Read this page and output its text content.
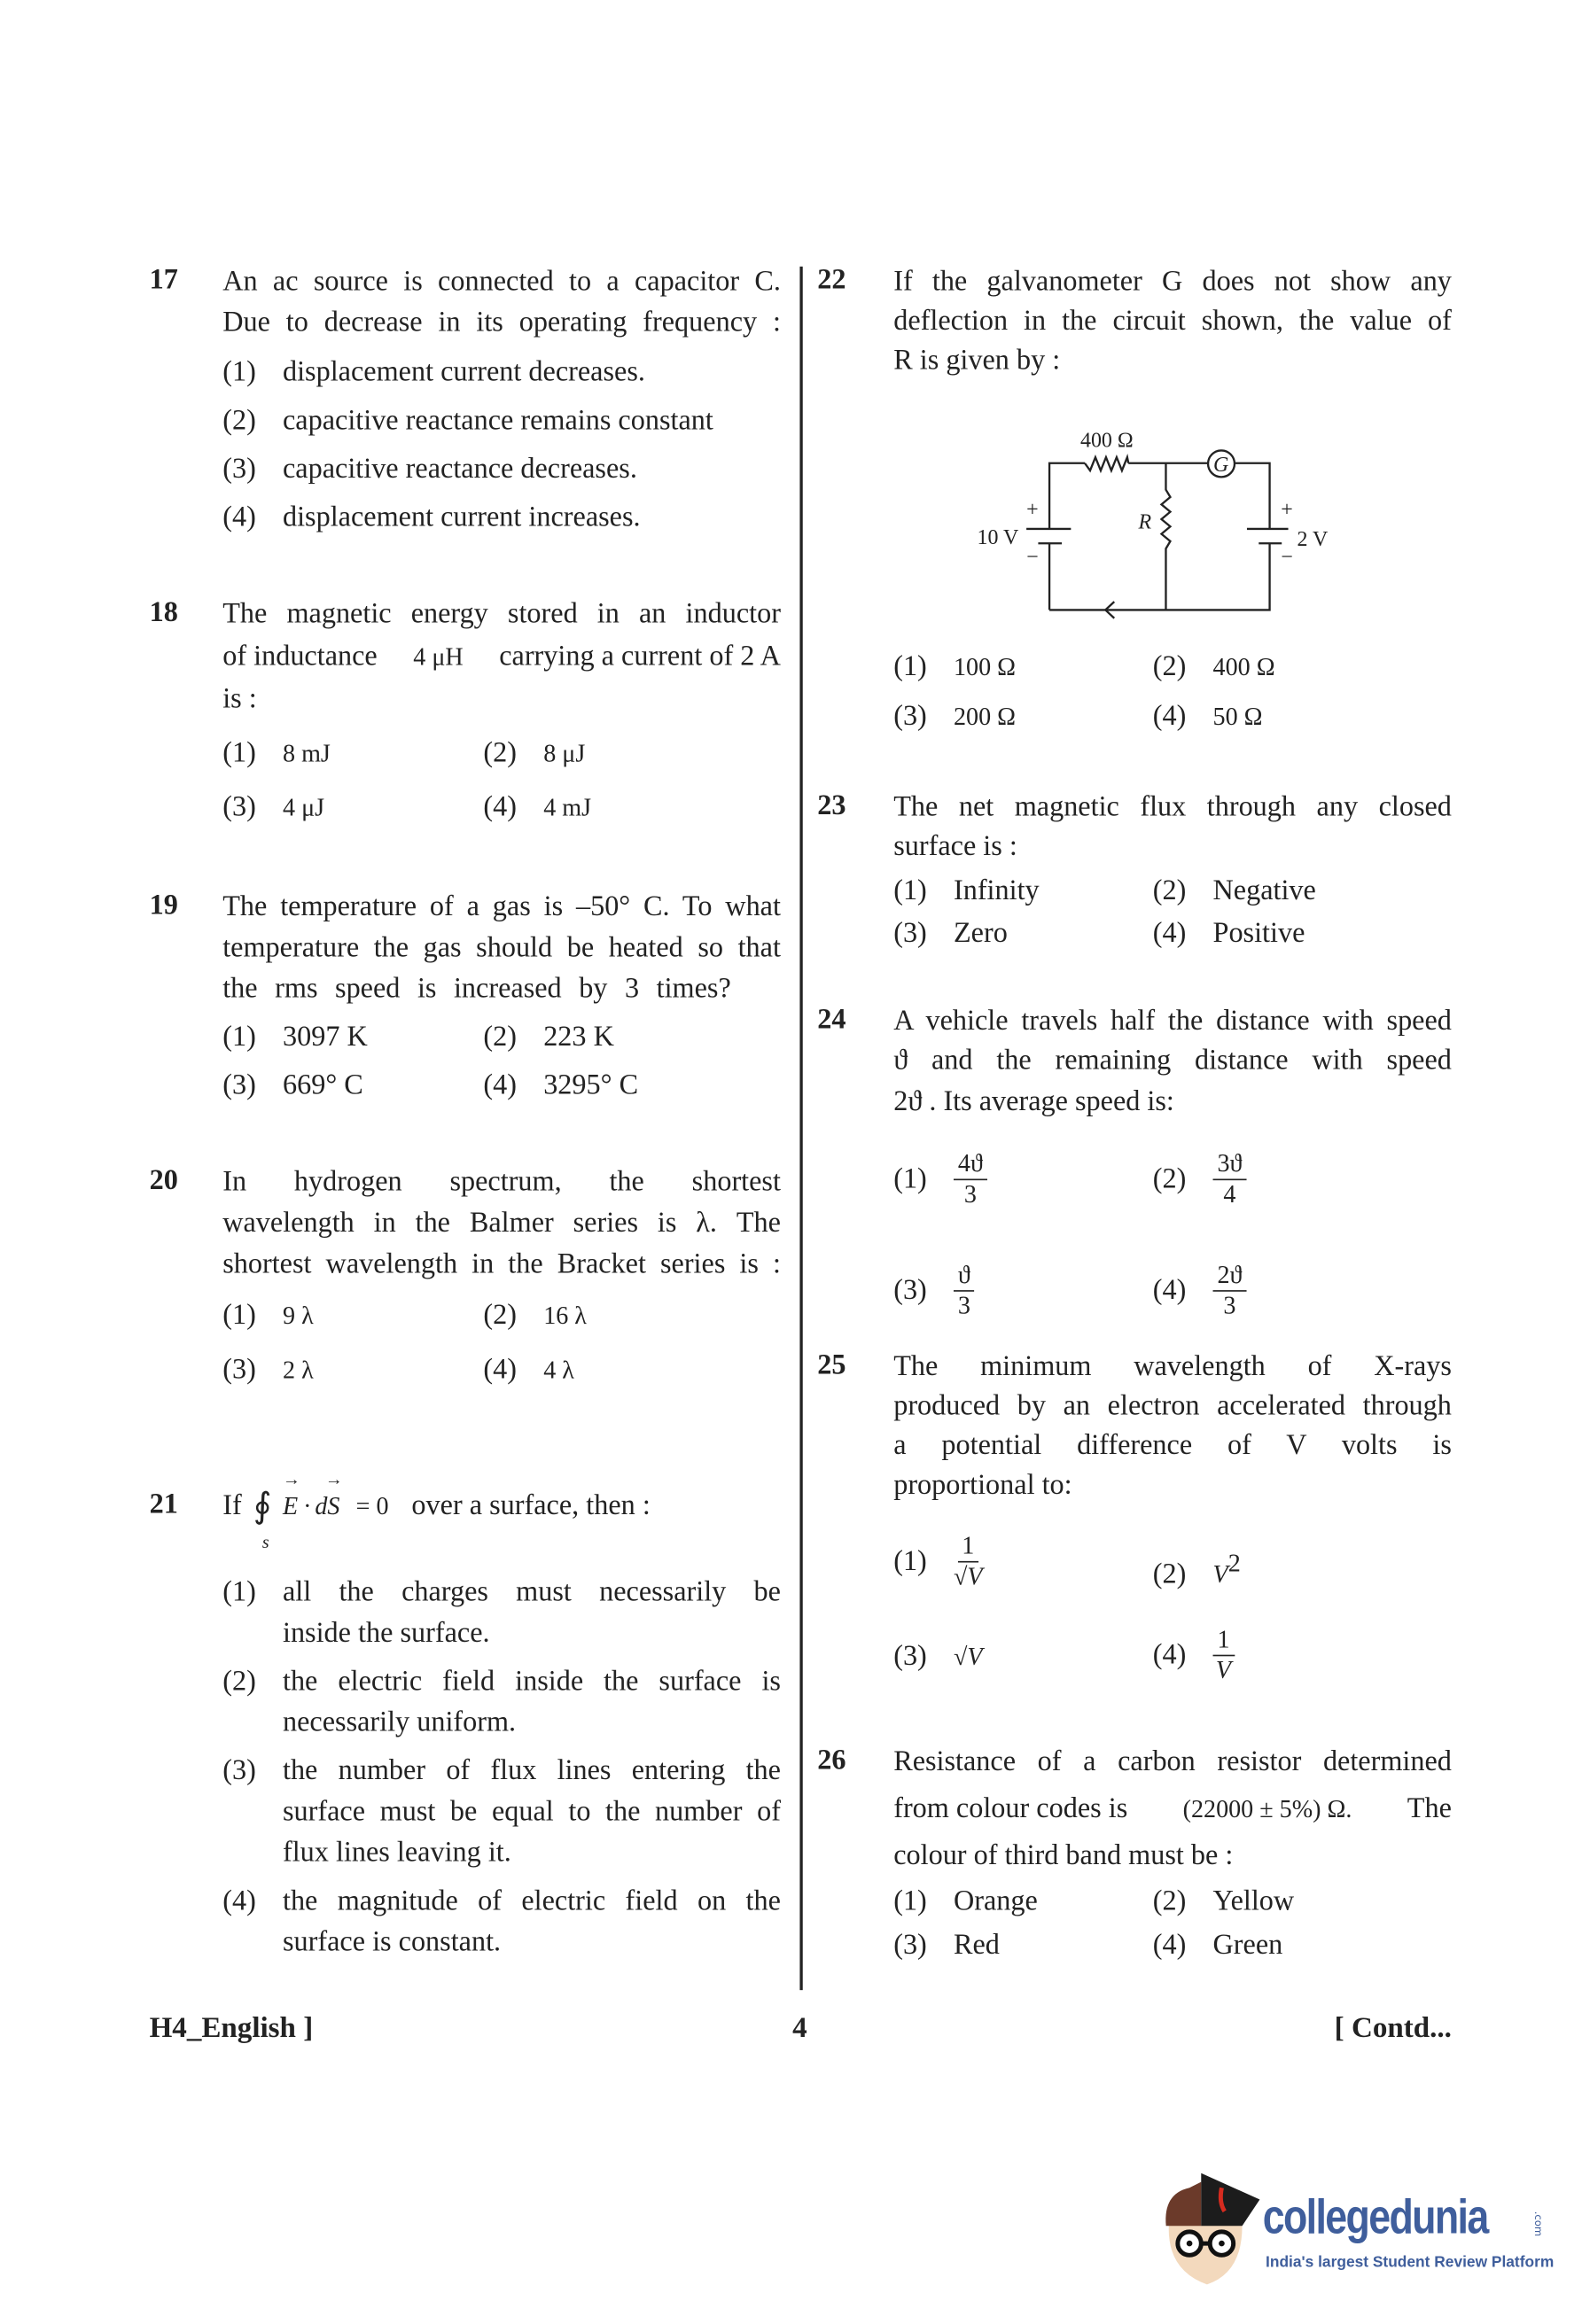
17	An ac source is connected to a capacitor C.
Due to decrease in its operating frequency :
(1) displacement current decreases.
(2) capacitive reactance remains constant
(3) capacitive reactance decreases.
(4) displacement current increases.
18	The magnetic energy stored in an inductor
of inductance 4 μH carrying a current of 2 A
is :
(1) 8 mJ	(2) 8 μJ
(3) 4 μJ	(4) 4 mJ
19	The temperature of a gas is –50° C. To what
temperature the gas should be heated so that
the rms speed is increased by 3 times?
(1) 3097 K	(2) 223 K
(3) 669° C	(4) 3295° C
20	In hydrogen spectrum, the shortest
wavelength in the Balmer series is λ. The
shortest wavelength in the Bracket series is :
(1) 9 λ	(2) 16 λ
(3) 2 λ	(4) 4 λ
21	If ∮
s
→
E ·
→
dS = 0 over a surface, then :
(1) all the charges must necessarily be
inside the surface.
(2) the electric field inside the surface is
necessarily uniform.
(3) the number of flux lines entering the
surface must be equal to the number of
flux lines leaving it.
(4) the magnitude of electric field on the
surface is constant.
22	If the galvanometer G does not show any
deflection in the circuit shown, the value of
R is given by :
400 Ω
G
R
10 V	2 V
+
−
+
−
(1) 100 Ω	(2) 400 Ω
(3) 200 Ω	(4) 50 Ω
23	The net magnetic flux through any closed
surface is :
(1) Infinity	(2) Negative
(3) Zero	(4) Positive
24	A vehicle travels half the distance with speed
ϑ and the remaining distance with speed
2ϑ . Its average speed is:
(1)	$\frac{4ϑ}{3}$	(2)	$\frac{3ϑ}{4}$
(3)	$\frac{ϑ}{3}$	(4)	$\frac{2ϑ}{3}$
25	The minimum wavelength of X-rays
produced by an electron accelerated through
a potential difference of V volts is
proportional to:
(1)	$\frac{1}{√V}$	(2) $V^2$
(3) √V	(4)	$\frac{1}{V}$
26	Resistance of a carbon resistor determined
from colour codes is	(22000 ± 5%) Ω.	The
colour of third band must be :
(1) Orange	(2) Yellow
(3) Red	(4) Green
H4_English ]	4	[ Contd...
collegedunia	.com
India's largest Student Review Platform
